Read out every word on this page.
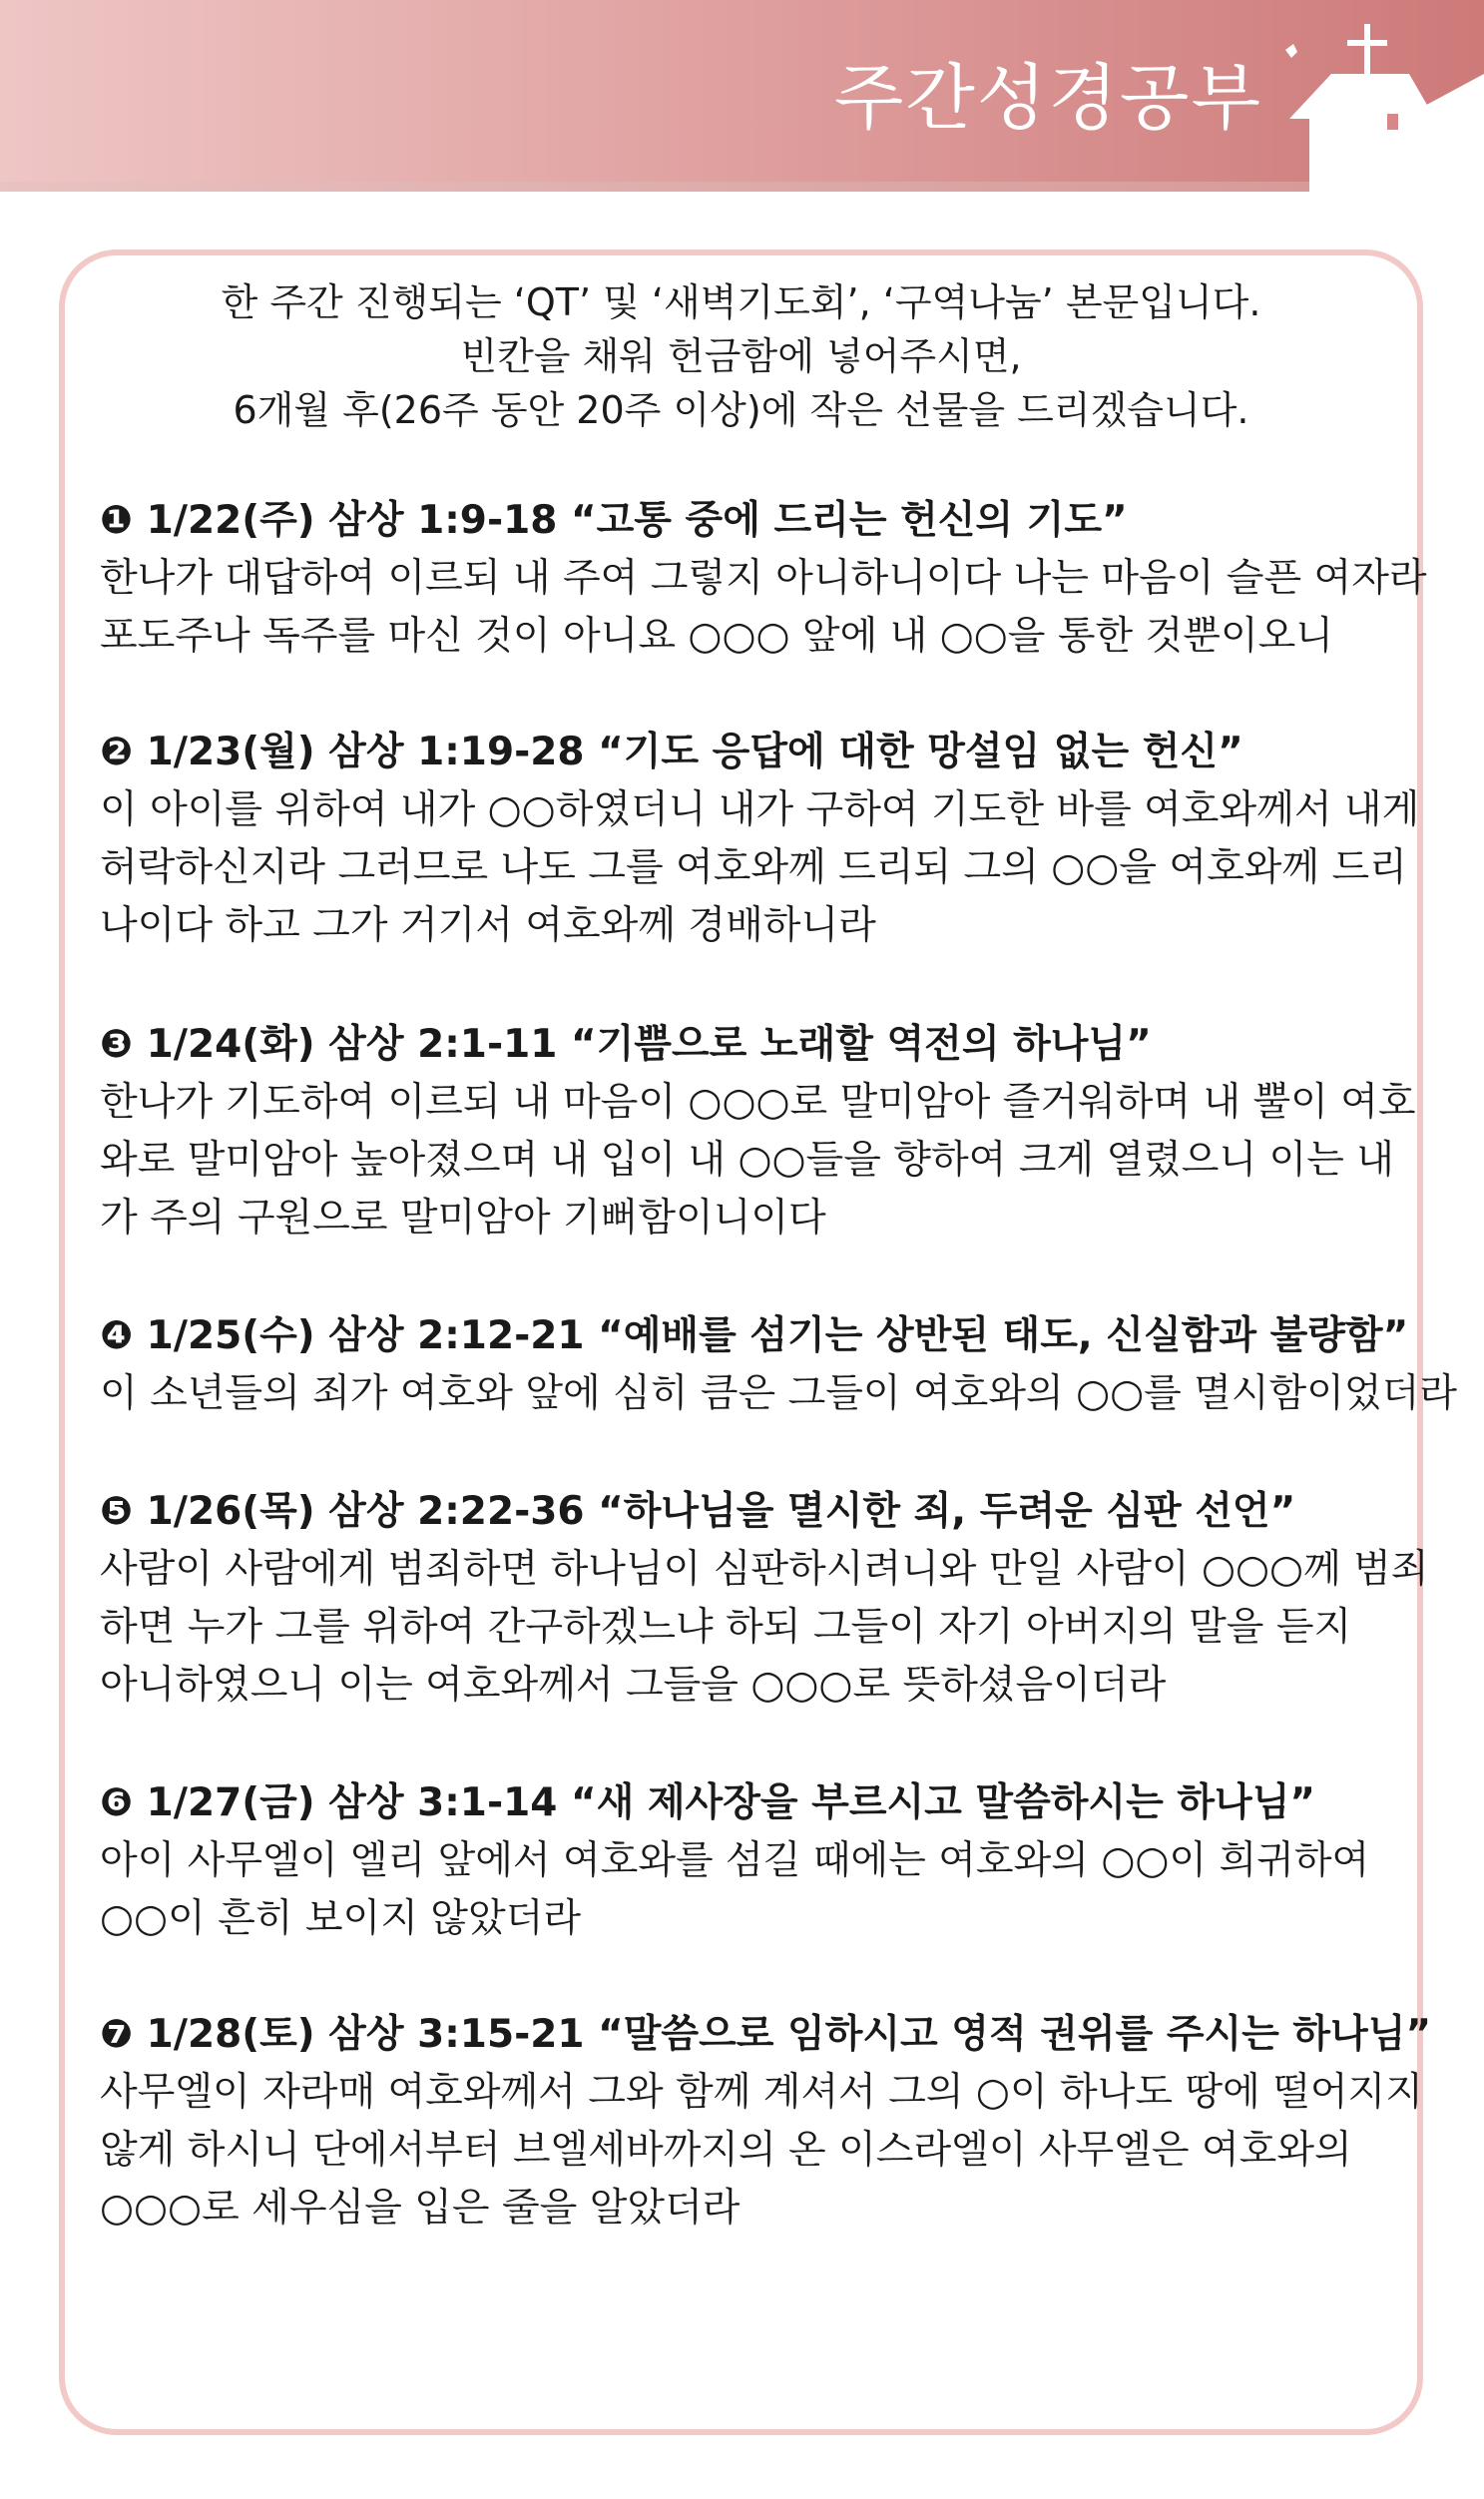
주간성경공부
한 주간 진행되는 ‘QT’ 및 ‘새벽기도회’, ‘구역나눔’ 본문입니다.
빈칸을 채워 헌금함에 넣어주시면,
6개월 후(26주 동안 20주 이상)에 작은 선물을 드리겠습니다.
❶ 1/22(주) 삼상 1:9-18 “고통 중에 드리는 헌신의 기도”
한나가 대답하여 이르되 내 주여 그렇지 아니하니이다 나는 마음이 슬픈 여자라
포도주나 독주를 마신 것이 아니요 ○○○ 앞에 내 ○○을 통한 것뿐이오니
❷ 1/23(월) 삼상 1:19-28 “기도 응답에 대한 망설임 없는 헌신”
이 아이를 위하여 내가 ○○하였더니 내가 구하여 기도한 바를 여호와께서 내게
허락하신지라 그러므로 나도 그를 여호와께 드리되 그의 ○○을 여호와께 드리
나이다 하고 그가 거기서 여호와께 경배하니라
❸ 1/24(화) 삼상 2:1-11 “기쁨으로 노래할 역전의 하나님”
한나가 기도하여 이르되 내 마음이 ○○○로 말미암아 즐거워하며 내 뿔이 여호
와로 말미암아 높아졌으며 내 입이 내 ○○들을 향하여 크게 열렸으니 이는 내
가 주의 구원으로 말미암아 기뻐함이니이다
❹ 1/25(수) 삼상 2:12-21 “예배를 섬기는 상반된 태도, 신실함과 불량함”
이 소년들의 죄가 여호와 앞에 심히 큼은 그들이 여호와의 ○○를 멸시함이었더라
❺ 1/26(목) 삼상 2:22-36 “하나님을 멸시한 죄, 두려운 심판 선언”
사람이 사람에게 범죄하면 하나님이 심판하시려니와 만일 사람이 ○○○께 범죄
하면 누가 그를 위하여 간구하겠느냐 하되 그들이 자기 아버지의 말을 듣지
아니하였으니 이는 여호와께서 그들을 ○○○로 뜻하셨음이더라
❻ 1/27(금) 삼상 3:1-14 “새 제사장을 부르시고 말씀하시는 하나님”
아이 사무엘이 엘리 앞에서 여호와를 섬길 때에는 여호와의 ○○이 희귀하여
○○이 흔히 보이지 않았더라
❼ 1/28(토) 삼상 3:15-21 “말씀으로 임하시고 영적 권위를 주시는 하나님”
사무엘이 자라매 여호와께서 그와 함께 계셔서 그의 ○이 하나도 땅에 떨어지지
않게 하시니 단에서부터 브엘세바까지의 온 이스라엘이 사무엘은 여호와의
○○○로 세우심을 입은 줄을 알았더라
